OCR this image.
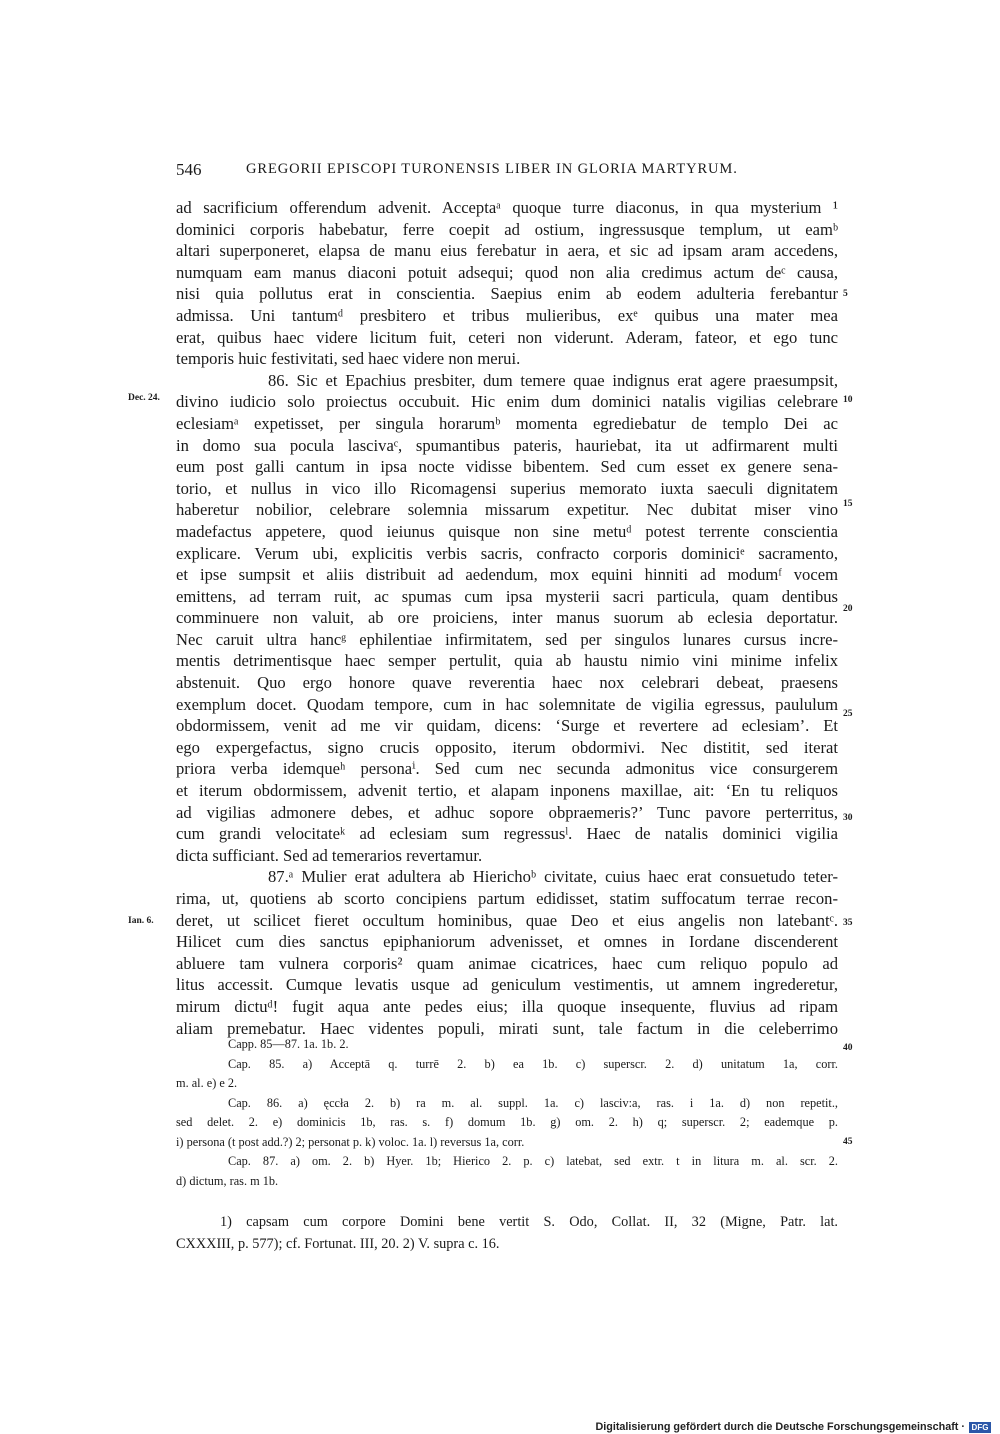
546	GREGORII EPISCOPI TURONENSIS LIBER IN GLORIA MARTYRUM.
ad sacrificium offerendum advenit. Acceptaᵃ quoque turre diaconus, in qua mysterium ¹
dominici corporis habebatur, ferre coepit ad ostium, ingressusque templum, ut eamᵇ
altari superponeret, elapsa de manu eius ferebatur in aera, et sic ad ipsam aram accedens,
numquam eam manus diaconi potuit adsequi; quod non alia credimus actum deᶜ causa,
nisi quia pollutus erat in conscientia. Saepius enim ab eodem adulteria ferebantur
admissa. Uni tantumᵈ presbitero et tribus mulieribus, exᵉ quibus una mater mea
erat, quibus haec videre licitum fuit, ceteri non viderunt. Aderam, fateor, et ego tunc
temporis huic festivitati, sed haec videre non merui.
86. Sic et Epachius presbiter, dum temere quae indignus erat agere praesumpsit,
divino iudicio solo proiectus occubuit. Hic enim dum dominici natalis vigilias celebrare
eclesiamᵃ expetisset, per singula horarumᵇ momenta egrediebatur de templo Dei ac
in domo sua pocula lascivaᶜ, spumantibus pateris, hauriebat, ita ut adfirmarent multi
eum post galli cantum in ipsa nocte vidisse bibentem. Sed cum esset ex genere sena-
torio, et nullus in vico illo Ricomagensi superius memorato iuxta saeculi dignitatem
haberetur nobilior, celebrare solemnia missarum expetitur. Nec dubitat miser vino
madefactus appetere, quod ieiunus quisque non sine metuᵈ potest terrente conscientia
explicare. Verum ubi, explicitis verbis sacris, confracto corporis dominiciᵉ sacramento,
et ipse sumpsit et aliis distribuit ad aedendum, mox equini hinniti ad modumᶠ vocem
emittens, ad terram ruit, ac spumas cum ipsa mysterii sacri particula, quam dentibus
comminuere non valuit, ab ore proiciens, inter manus suorum ab eclesia deportatur.
Nec caruit ultra hancᵍ ephilentiae infirmitatem, sed per singulos lunares cursus incre-
mentis detrimentisque haec semper pertulit, quia ab haustu nimio vini minime infelix
abstenuit. Quo ergo honore quave reverentia haec nox celebrari debeat, praesens
exemplum docet. Quodam tempore, cum in hac solemnitate de vigilia egressus, paululum
obdormissem, venit ad me vir quidam, dicens: ‘Surge et revertere ad eclesiam’. Et
ego expergefactus, signo crucis opposito, iterum obdormivi. Nec distitit, sed iterat
priora verba idemqueʰ personaⁱ. Sed cum nec secunda admonitus vice consurgerem
et iterum obdormissem, advenit tertio, et alapam inponens maxillae, ait: ‘En tu reliquos
ad vigilias admonere debes, et adhuc sopore obpraemeris?’ Tunc pavore perterritus,
cum grandi velocitateᵏ ad eclesiam sum regressusˡ. Haec de natalis dominici vigilia
dicta sufficiant. Sed ad temerarios revertamur.
87.ᵃ Mulier erat adultera ab Hierichoᵇ civitate, cuius haec erat consuetudo teter-
rima, ut, quotiens ab scorto concipiens partum edidisset, statim suffocatum terrae recon-
deret, ut scilicet fieret occultum hominibus, quae Deo et eius angelis non latebantᶜ.
Hilicet cum dies sanctus epiphaniorum advenisset, et omnes in Iordane discenderent
abluere tam vulnera corporis² quam animae cicatrices, haec cum reliquo populo ad
litus accessit. Cumque levatis usque ad geniculum vestimentis, ut amnem ingrederetur,
mirum dictuᵈ! fugit aqua ante pedes eius; illa quoque insequente, fluvius ad ripam
aliam premebatur. Haec videntes populi, mirati sunt, tale factum in die celeberrimo
Dec. 24.
Ian. 6.
5
10
15
20
25
30
35
40
45
Capp. 85—87. 1a. 1b. 2.
Cap. 85. a) Acceptā q. turrē 2. b) ea 1b. c) superscr. 2. d) unitatum 1a, corr.
m. al. e) e 2.
Cap. 86. a) ęccła 2. b) ra m. al. suppl. 1a. c) lasciv:a, ras. i 1a. d) non repetit.,
sed delet. 2. e) dominicis 1b, ras. s. f) domum 1b. g) om. 2. h) q; superscr. 2; eademque p.
i) persona (t post add.?) 2; personat p. k) voloc. 1a. l) reversus 1a, corr.
Cap. 87. a) om. 2. b) Hyer. 1b; Hierico 2. p. c) latebat, sed extr. t in litura m. al. scr. 2.
d) dictum, ras. m 1b.
1) capsam cum corpore Domini bene vertit S. Odo, Collat. II, 32 (Migne, Patr. lat.
CXXXIII, p. 577); cf. Fortunat. III, 20. 2) V. supra c. 16.
Digitalisierung gefördert durch die Deutsche Forschungsgemeinschaft · DFG
